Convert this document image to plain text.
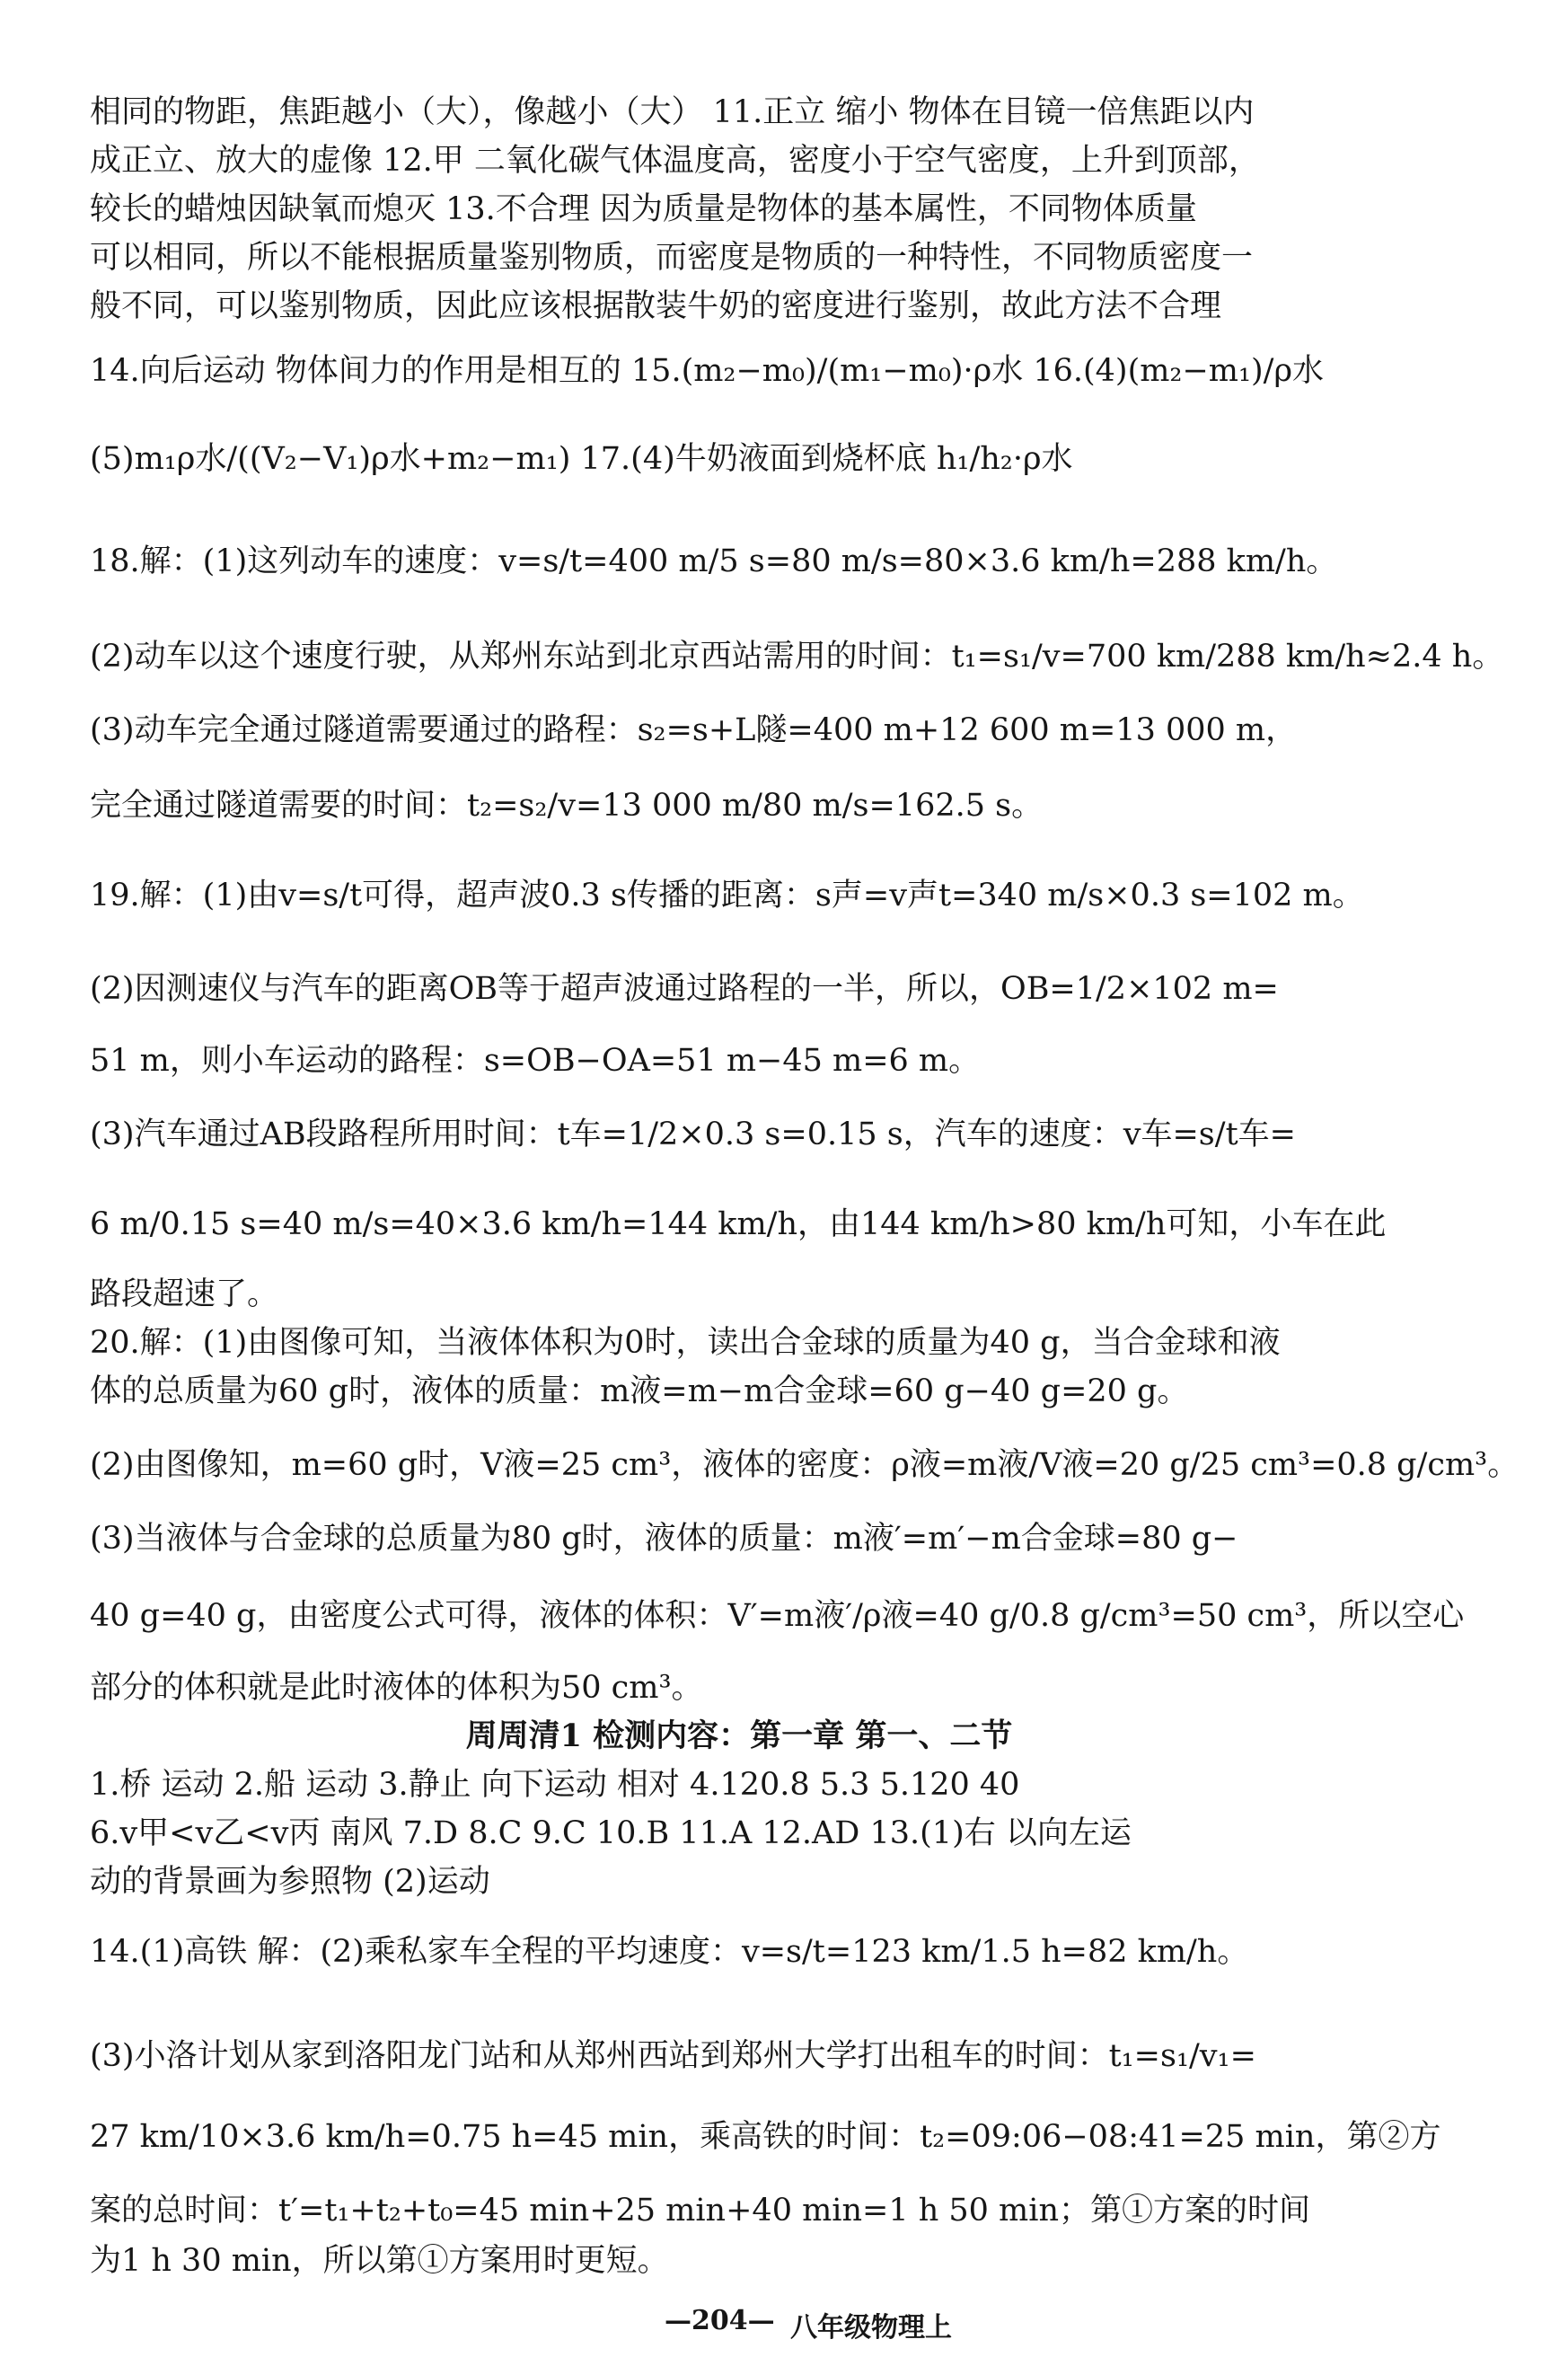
相同的物距，焦距越小（大），像越小（大） 11.正立 缩小 物体在目镜一倍焦距以内
成正立、放大的虚像 12.甲 二氧化碳气体温度高，密度小于空气密度，上升到顶部，
较长的蜡烛因缺氧而熄灭 13.不合理 因为质量是物体的基本属性，不同物体质量
可以相同，所以不能根据质量鉴别物质，而密度是物质的一种特性，不同物质密度一
般不同，可以鉴别物质，因此应该根据散装牛奶的密度进行鉴别，故此方法不合理
14.向后运动 物体间力的作用是相互的 15.(m₂−m₀)/(m₁−m₀)·ρ水 16.(4)(m₂−m₁)/ρ水
(5)m₁ρ水/((V₂−V₁)ρ水+m₂−m₁) 17.(4)牛奶液面到烧杯底 h₁/h₂·ρ水
18.解：(1)这列动车的速度：v=s/t=400 m/5 s=80 m/s=80×3.6 km/h=288 km/h。
(2)动车以这个速度行驶，从郑州东站到北京西站需用的时间：t₁=s₁/v=700 km/288 km/h≈2.4 h。
(3)动车完全通过隧道需要通过的路程：s₂=s+L隧=400 m+12 600 m=13 000 m，
完全通过隧道需要的时间：t₂=s₂/v=13 000 m/80 m/s=162.5 s。
19.解：(1)由v=s/t可得，超声波0.3 s传播的距离：s声=v声t=340 m/s×0.3 s=102 m。
(2)因测速仪与汽车的距离OB等于超声波通过路程的一半，所以，OB=1/2×102 m=
51 m，则小车运动的路程：s=OB−OA=51 m−45 m=6 m。
(3)汽车通过AB段路程所用时间：t车=1/2×0.3 s=0.15 s，汽车的速度：v车=s/t车=
6 m/0.15 s=40 m/s=40×3.6 km/h=144 km/h，由144 km/h>80 km/h可知，小车在此
路段超速了。
20.解：(1)由图像可知，当液体体积为0时，读出合金球的质量为40 g，当合金球和液
体的总质量为60 g时，液体的质量：m液=m−m合金球=60 g−40 g=20 g。
(2)由图像知，m=60 g时，V液=25 cm³，液体的密度：ρ液=m液/V液=20 g/25 cm³=0.8 g/cm³。
(3)当液体与合金球的总质量为80 g时，液体的质量：m液′=m′−m合金球=80 g−
40 g=40 g，由密度公式可得，液体的体积：V′=m液′/ρ液=40 g/0.8 g/cm³=50 cm³，所以空心
部分的体积就是此时液体的体积为50 cm³。
周周清1 检测内容：第一章 第一、二节
1.桥 运动 2.船 运动 3.静止 向下运动 相对 4.120.8 5.3 5.120 40
6.v甲<v乙<v丙 南风 7.D 8.C 9.C 10.B 11.A 12.AD 13.(1)右 以向左运
动的背景画为参照物 (2)运动
14.(1)高铁 解：(2)乘私家车全程的平均速度：v=s/t=123 km/1.5 h=82 km/h。
(3)小洛计划从家到洛阳龙门站和从郑州西站到郑州大学打出租车的时间：t₁=s₁/v₁=
27 km/10×3.6 km/h=0.75 h=45 min，乘高铁的时间：t₂=09:06−08:41=25 min，第②方
案的总时间：t′=t₁+t₂+t₀=45 min+25 min+40 min=1 h 50 min；第①方案的时间
为1 h 30 min，所以第①方案用时更短。
—204— 八年级物理上
